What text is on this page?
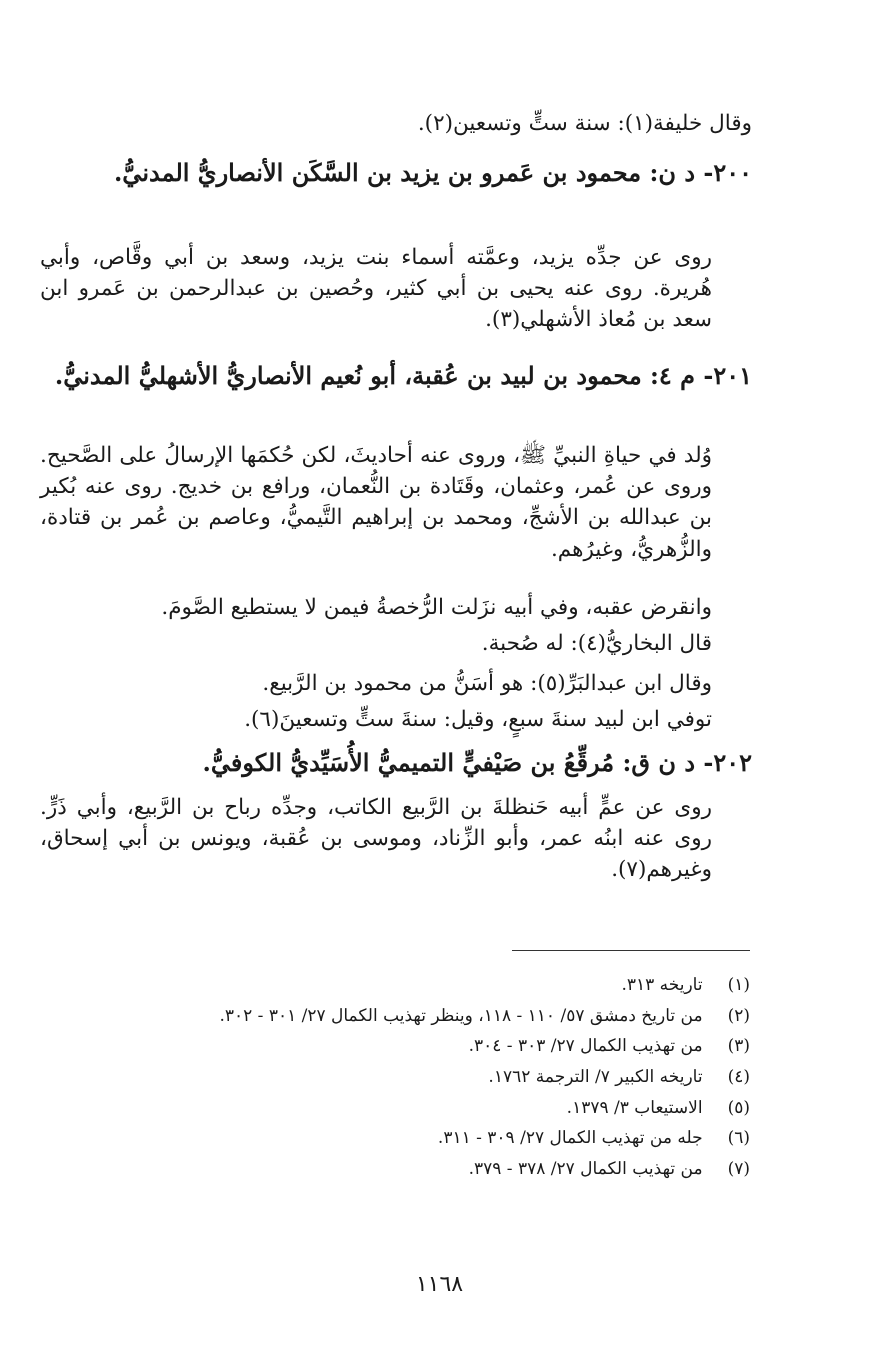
وقال خليفة(١): سنة ستٍّ وتسعين(٢).
٢٠٠- د ن: محمود بن عَمرو بن يزيد بن السَّكَن الأنصاريُّ المدنيُّ.
روى عن جدِّه يزيد، وعمَّته أسماء بنت يزيد، وسعد بن أبي وقَّاص، وأبي هُريرة. روى عنه يحيى بن أبي كثير، وحُصين بن عبدالرحمن بن عَمرو ابن سعد بن مُعاذ الأشهلي(٣).
٢٠١- م ٤: محمود بن لبيد بن عُقبة، أبو نُعيم الأنصاريُّ الأشهليُّ المدنيُّ.
وُلد في حياةِ النبيِّ ﷺ، وروى عنه أحاديثَ، لكن حُكمَها الإرسالُ على الصَّحيح. وروى عن عُمر، وعثمان، وقَتَادة بن النُّعمان، ورافع بن خديج. روى عنه بُكير بن عبدالله بن الأشجِّ، ومحمد بن إبراهيم التَّيميُّ، وعاصم بن عُمر بن قتادة، والزُّهريُّ، وغيرُهم.
وانقرض عقبه، وفي أبيه نزَلت الرُّخصةُ فيمن لا يستطيع الصَّومَ.
قال البخاريُّ(٤): له صُحبة.
وقال ابن عبدالبَرِّ(٥): هو أسَنُّ من محمود بن الرَّبيع.
توفي ابن لبيد سنةَ سبعٍ، وقيل: سنةَ ستٍّ وتسعينَ(٦).
٢٠٢- د ن ق: مُرقِّعُ بن صَيْفيٍّ التميميُّ الأُسَيِّديُّ الكوفيُّ.
روى عن عمٍّ أبيه حَنظلةَ بن الرَّبيع الكاتب، وجدِّه رباح بن الرَّبيع، وأبي ذَرٍّ. روى عنه ابنُه عمر، وأبو الزِّناد، وموسى بن عُقبة، ويونس بن أبي إسحاق، وغيرهم(٧).
(١) تاريخه ٣١٣.
(٢) من تاريخ دمشق ٥٧/ ١١٠ - ١١٨، وينظر تهذيب الكمال ٢٧/ ٣٠١ - ٣٠٢.
(٣) من تهذيب الكمال ٢٧/ ٣٠٣ - ٣٠٤.
(٤) تاريخه الكبير ٧/ الترجمة ١٧٦٢.
(٥) الاستيعاب ٣/ ١٣٧٩.
(٦) جله من تهذيب الكمال ٢٧/ ٣٠٩ - ٣١١.
(٧) من تهذيب الكمال ٢٧/ ٣٧٨ - ٣٧٩.
١١٦٨
